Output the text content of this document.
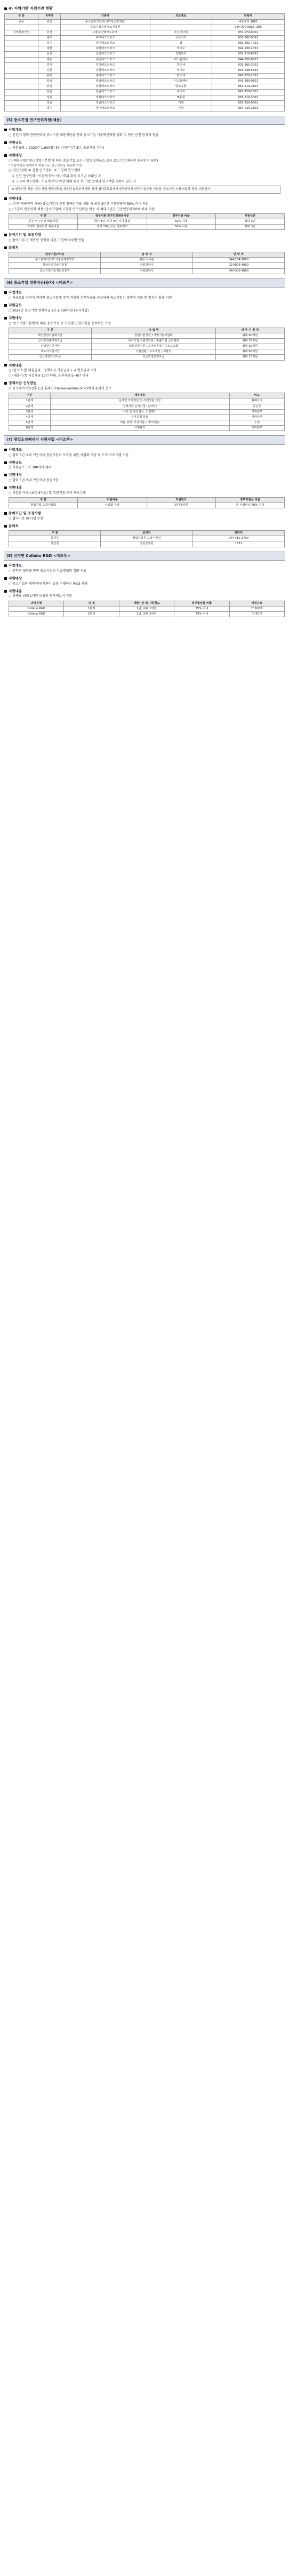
4) 지역기반 지원기관 현황
구 분	지역명	기관명	프로젝트	연락처
공공	중앙	중소벤처기업부(지역혁신정책관)		세종청사 1661
		중소기업기술정보진흥원		044-300-0926, 300
지역특화산업	부산	(재)부산테크노파크	조선기자재	051-974-9001
	대구	대구테크노파크	의료기기	053-602-9001
	광주	광주테크노파크	광	062-602-7001
	대전	대전테크노파크	바이오	042-930-2001
	울산	울산테크노파크	정밀화학	052-219-8561
	세종	세종테크노파크	디스플레이	044-850-0001
	경기	경기테크노파크	반도체	031-500-3001
	강원	강원테크노파크	바이오	033-248-5601
	충북	충북테크노파크	반도체	043-270-2001
	충남	충남테크노파크	디스플레이	041-589-0601
	전북	전북테크노파크	탄소융합	063-219-2101
	전남	전남테크노파크	에너지	061-729-2501
	경북	경북테크노파크	IT융합	053-819-3001
	경남	경남테크노파크	기계	055-259-0301
	제주	제주테크노파크	관광	064-720-2301
(5) 중소기업 연구인력지원(채용)
사업개요
○ 신진/고경력 연구인력의 중소기업 채용지원을 통해 중소기업 기술혁신역량 강화 및 청년·신진 일자리 창출
지원규모
○ 지원규모 : '2023년 1,900명 내외 (지원기간 3년, 프로젝트 추가)
지원대상
○ (채용지원) '중소기업기본법'에 따른 중소기업 또는 기업부설연구소 보유 중소기업(채용한 연구인력 포함)
* 기술개발을 수행하기 위한 신규 연구인력을 채용한 기업
○ (연구인력) ① 신진 연구인력, ② 고경력 연구인력
① 신진 연구인력 : 이공계 학사·석사 학위 취득 후 5년 이내인 자
② 고경력 연구인력 : 이공계 학사 이상 학위 취득 후 기업 등에서 연구개발 경력이 있는 자
※ 연구인력 채용 기업: 해당 연구인력을 채용한 날로부터 해당 과제 협약종료일까지 연구인력의 인건비 일부를 지원함. 중소기업 지원사업 중 중복 지원 금지.
지원내용
○ (신진 연구인력 채용) 중소기업이 신진 연구인력을 채용 시 최대 3년간 기준연봉의 50% 이내 지원
○ (고경력 연구인력 채용) 중소기업이 고경력 연구인력을 채용 시 최대 3년간 기준연봉의 50% 이내 지원
구 분	정부지원 연구인력채용기준	정부지원 비율	지원구분
신진 연구인력 채용지원	학사 3년, 석사 4년 이내 졸업	50% 이내	최대 3년
고경력 연구인력 채용지원	경력 10년 이상 연구경력	50% 이내	최대 3년
참여기간 및 조정사항
○ 참여기업 간 채용한 인력을 다른 기업에 보내면 안됨
문의처
담당기관(부서)	담 당 자	연 락 처
중소벤처기업부 기술인재정책과	담당 사무관	044-204-7000
한국산업기술진흥원	사업담당자	02-6009-3000
중소기업기술정보진흥원	사업담당자	044-300-9000
(6) 중소기업 정책자금(융자) <비즈푸>
사업개요
○ 자금조달 능력이 취약한 중소기업에 장기 저리의 정책자금을 공급하여 중소기업의 경쟁력 강화 및 일자리 창출 지원
지원규모
○ 2024년 중소기업 정책자금 3조 8,000억원 (융자사업)
지원대상
○ '중소기업기본법'에 따른 중소기업 중 사업별 신청요건을 충족하는 기업
구 분	사 업 명	세 부 지 원 금
혁신창업사업화자금	창업기반지원 / 개발기술사업화	최대 60억원
신시장진출지원자금	내수기업 수출기업화 / 수출기업 글로벌화	최대 30억원
신성장기반자금	혁신성장지원 / 스마트공장 / 구조고도화	최대 60억원
재도약지원자금	사업전환 / 구조개선 / 재창업	최대 60억원
긴급경영안정자금	긴급경영안정자금	최대 10억원
지원내용
○ (융자조건) 대출금리 : 정책자금 기준금리 ± α 변동금리 적용
○ (대출기간) 시설자금 10년 이내, 운전자금 5~6년 이내
정책자금 신청방법
○ 중소벤처기업진흥공단 홈페이지(www.kosmes.or.kr)에서 온라인 접수
구분	세부내용	비고
1단계	온라인 자가진단 및 사전상담 신청	홈페이지
2단계	정책자금 융자신청 (온라인)	중진공
3단계	서류 및 현장실사, 기업평가	지역본부
4단계	융자결정 통보	지역본부
5단계	대출 실행 (직접대출 / 대리대출)	은행
6단계	사후관리	지역본부
(7) 창업도약패키지 지원사업 <비즈푸>
사업개요
○ 업력 3년 초과 7년 이내 창업기업의 도약을 위한 사업화 자금 및 도약 프로그램 지원
지원규모
○ 지원규모 : 약 300개사 내외
지원대상
○ 업력 3년 초과 7년 이내 창업기업
지원내용
○ 사업화 자금 (최대 3억원) 및 주관기관 도약 프로그램
구 분	지원내용	지원한도	정부지원금 비율
창업기업 도약사업화	사업화 자금	최대 3억원	총 사업비의 70% 이내
참여기간 및 조정사항
○ 협약기간 내 사업 수행
문의처
구 분	문의처	연락처
중기부	창업진흥원 도약지원실	044-410-1700
창진원	창업진흥원	1357
(8) 산지연 Collabo R&D <비즈푸>
사업개요
○ 산학연 협력을 통한 중소기업의 기술경쟁력 강화 지원
지원대상
○ 중소기업과 대학·연구기관이 공동 수행하는 R&D 과제
지원내용
○ 과제당 최대 1억원 내외의 연구개발비 지원
과제유형	단 계	개발기간 및 지원한도	정부출연금 비율	지원규모
Collabo R&D	1단계	1년, 최대 1억원	75% 이내	약 100개
Collabo R&D	2단계	2년, 최대 2억원	75% 이내	약 50개
